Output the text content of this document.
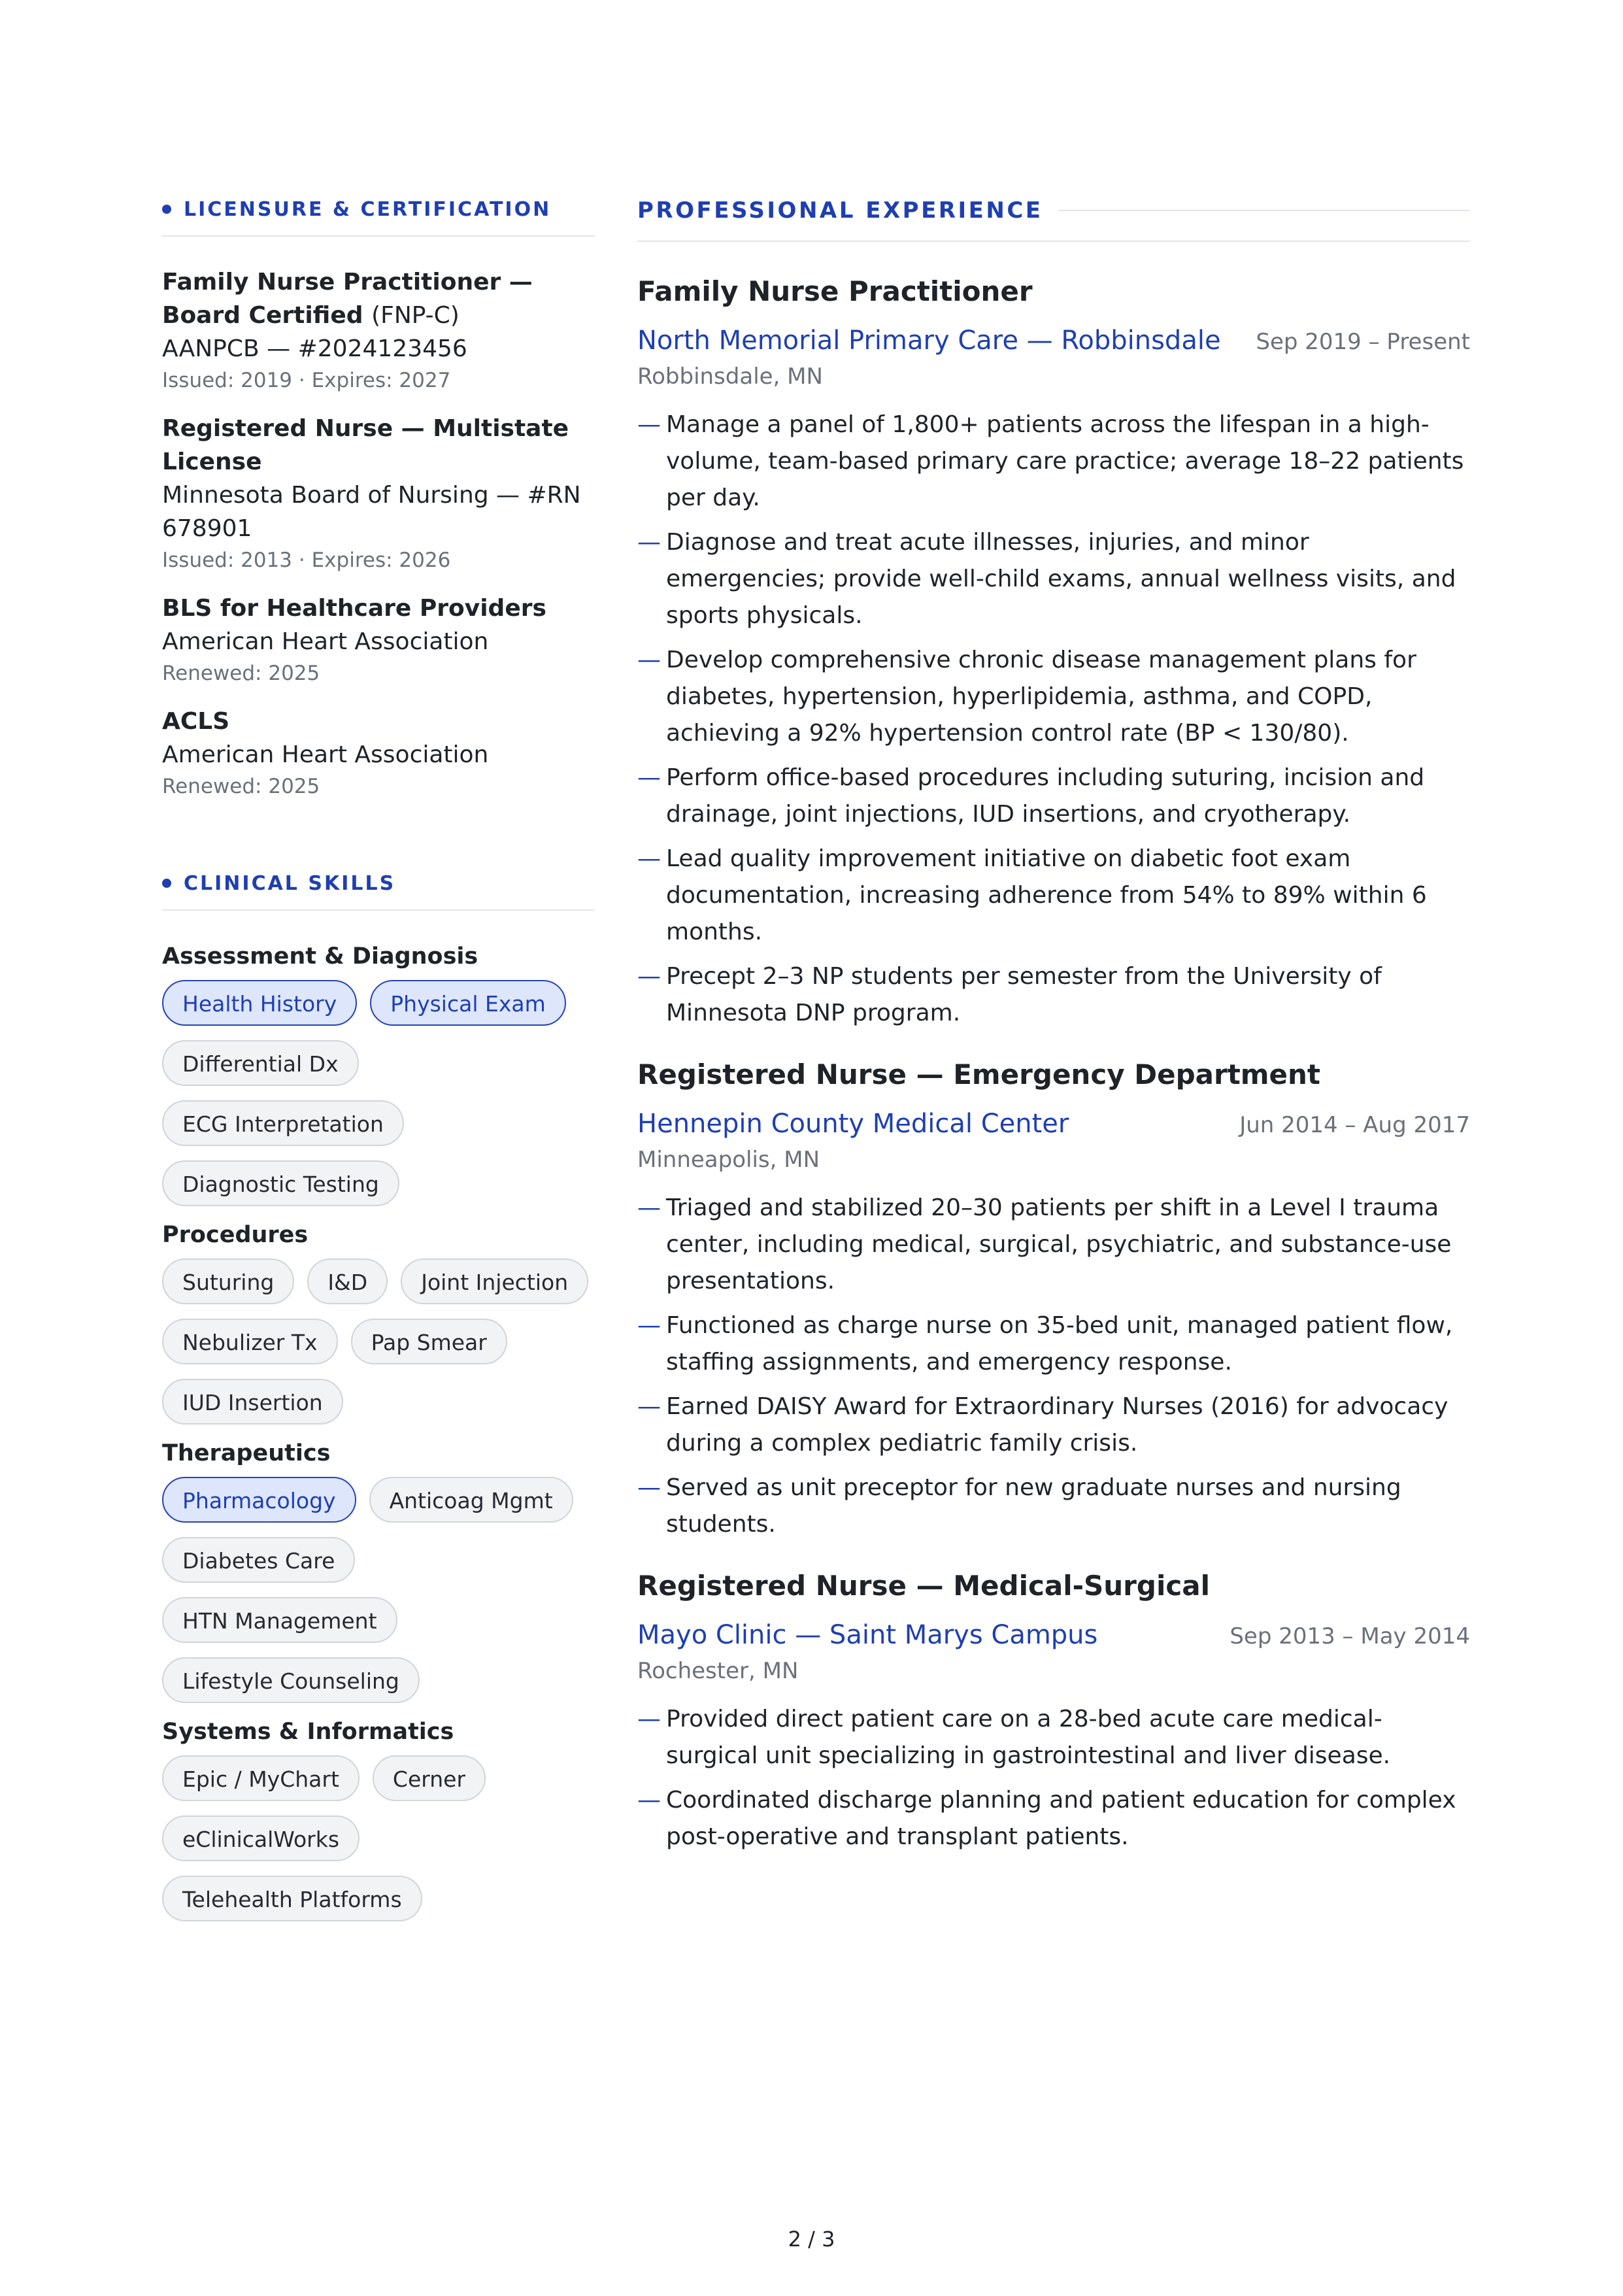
LICENSURE & CERTIFICATION
Family Nurse Practitioner — Board Certified (FNP-C)
AANPCB — #2024123456
Issued: 2019 · Expires: 2027
Registered Nurse — Multistate License
Minnesota Board of Nursing — #RN 678901
Issued: 2013 · Expires: 2026
BLS for Healthcare Providers
American Heart Association
Renewed: 2025
ACLS
American Heart Association
Renewed: 2025
CLINICAL SKILLS
Assessment & Diagnosis
Health History	Physical Exam
Differential Dx
ECG Interpretation
Diagnostic Testing
Procedures
Suturing	I&D	Joint Injection
Nebulizer Tx	Pap Smear
IUD Insertion
Therapeutics
Pharmacology	Anticoag Mgmt
Diabetes Care
HTN Management
Lifestyle Counseling
Systems & Informatics
Epic / MyChart	Cerner
eClinicalWorks
Telehealth Platforms
PROFESSIONAL EXPERIENCE
Family Nurse Practitioner
North Memorial Primary Care — Robbinsdale Sep 2019 – Present
Robbinsdale, MN
— Manage a panel of 1,800+ patients across the lifespan in a high-volume, team-based primary care practice; average 18–22 patients per day.
— Diagnose and treat acute illnesses, injuries, and minor emergencies; provide well-child exams, annual wellness visits, and sports physicals.
— Develop comprehensive chronic disease management plans for diabetes, hypertension, hyperlipidemia, asthma, and COPD, achieving a 92% hypertension control rate (BP < 130/80).
— Perform office-based procedures including suturing, incision and drainage, joint injections, IUD insertions, and cryotherapy.
— Lead quality improvement initiative on diabetic foot exam documentation, increasing adherence from 54% to 89% within 6 months.
— Precept 2–3 NP students per semester from the University of Minnesota DNP program.
Registered Nurse — Emergency Department
Hennepin County Medical Center	Jun 2014 – Aug 2017
Minneapolis, MN
— Triaged and stabilized 20–30 patients per shift in a Level I trauma center, including medical, surgical, psychiatric, and substance-use presentations.
— Functioned as charge nurse on 35-bed unit, managed patient flow, staffing assignments, and emergency response.
— Earned DAISY Award for Extraordinary Nurses (2016) for advocacy during a complex pediatric family crisis.
— Served as unit preceptor for new graduate nurses and nursing students.
Registered Nurse — Medical-Surgical
Mayo Clinic — Saint Marys Campus	Sep 2013 – May 2014
Rochester, MN
— Provided direct patient care on a 28-bed acute care medical-surgical unit specializing in gastrointestinal and liver disease.
— Coordinated discharge planning and patient education for complex post-operative and transplant patients.
2 / 3
